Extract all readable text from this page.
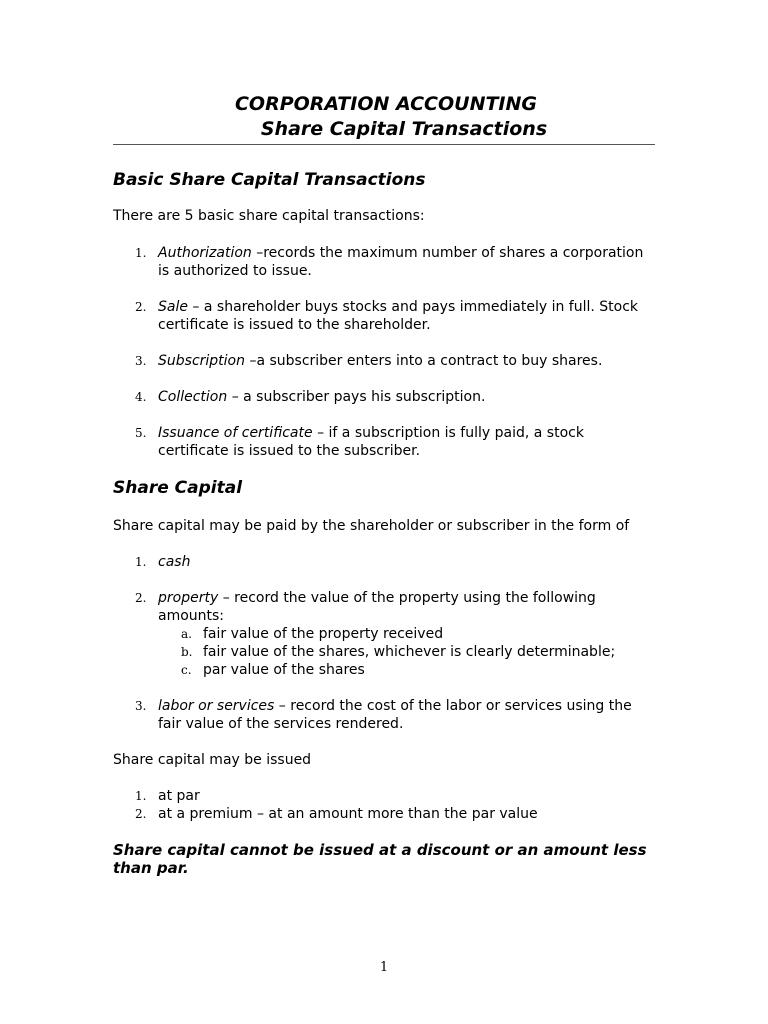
CORPORATION ACCOUNTING
Share Capital Transactions
Basic Share Capital Transactions

There are 5 basic share capital transactions:

1. Authorization –records the maximum number of shares a corporation is authorized to issue.
2. Sale – a shareholder buys stocks and pays immediately in full. Stock certificate is issued to the shareholder.
3. Subscription –a subscriber enters into a contract to buy shares.
4. Collection – a subscriber pays his subscription.
5. Issuance of certificate – if a subscription is fully paid, a stock certificate is issued to the subscriber.
Share Capital

Share capital may be paid by the shareholder or subscriber in the form of

1. cash
2. property – record the value of the property using the following amounts:
a. fair value of the property received
b. fair value of the shares, whichever is clearly determinable;
c. par value of the shares
3. labor or services – record the cost of the labor or services using the fair value of the services rendered.

Share capital may be issued

1. at par
2. at a premium – at an amount more than the par value

Share capital cannot be issued at a discount or an amount less than par.

1
